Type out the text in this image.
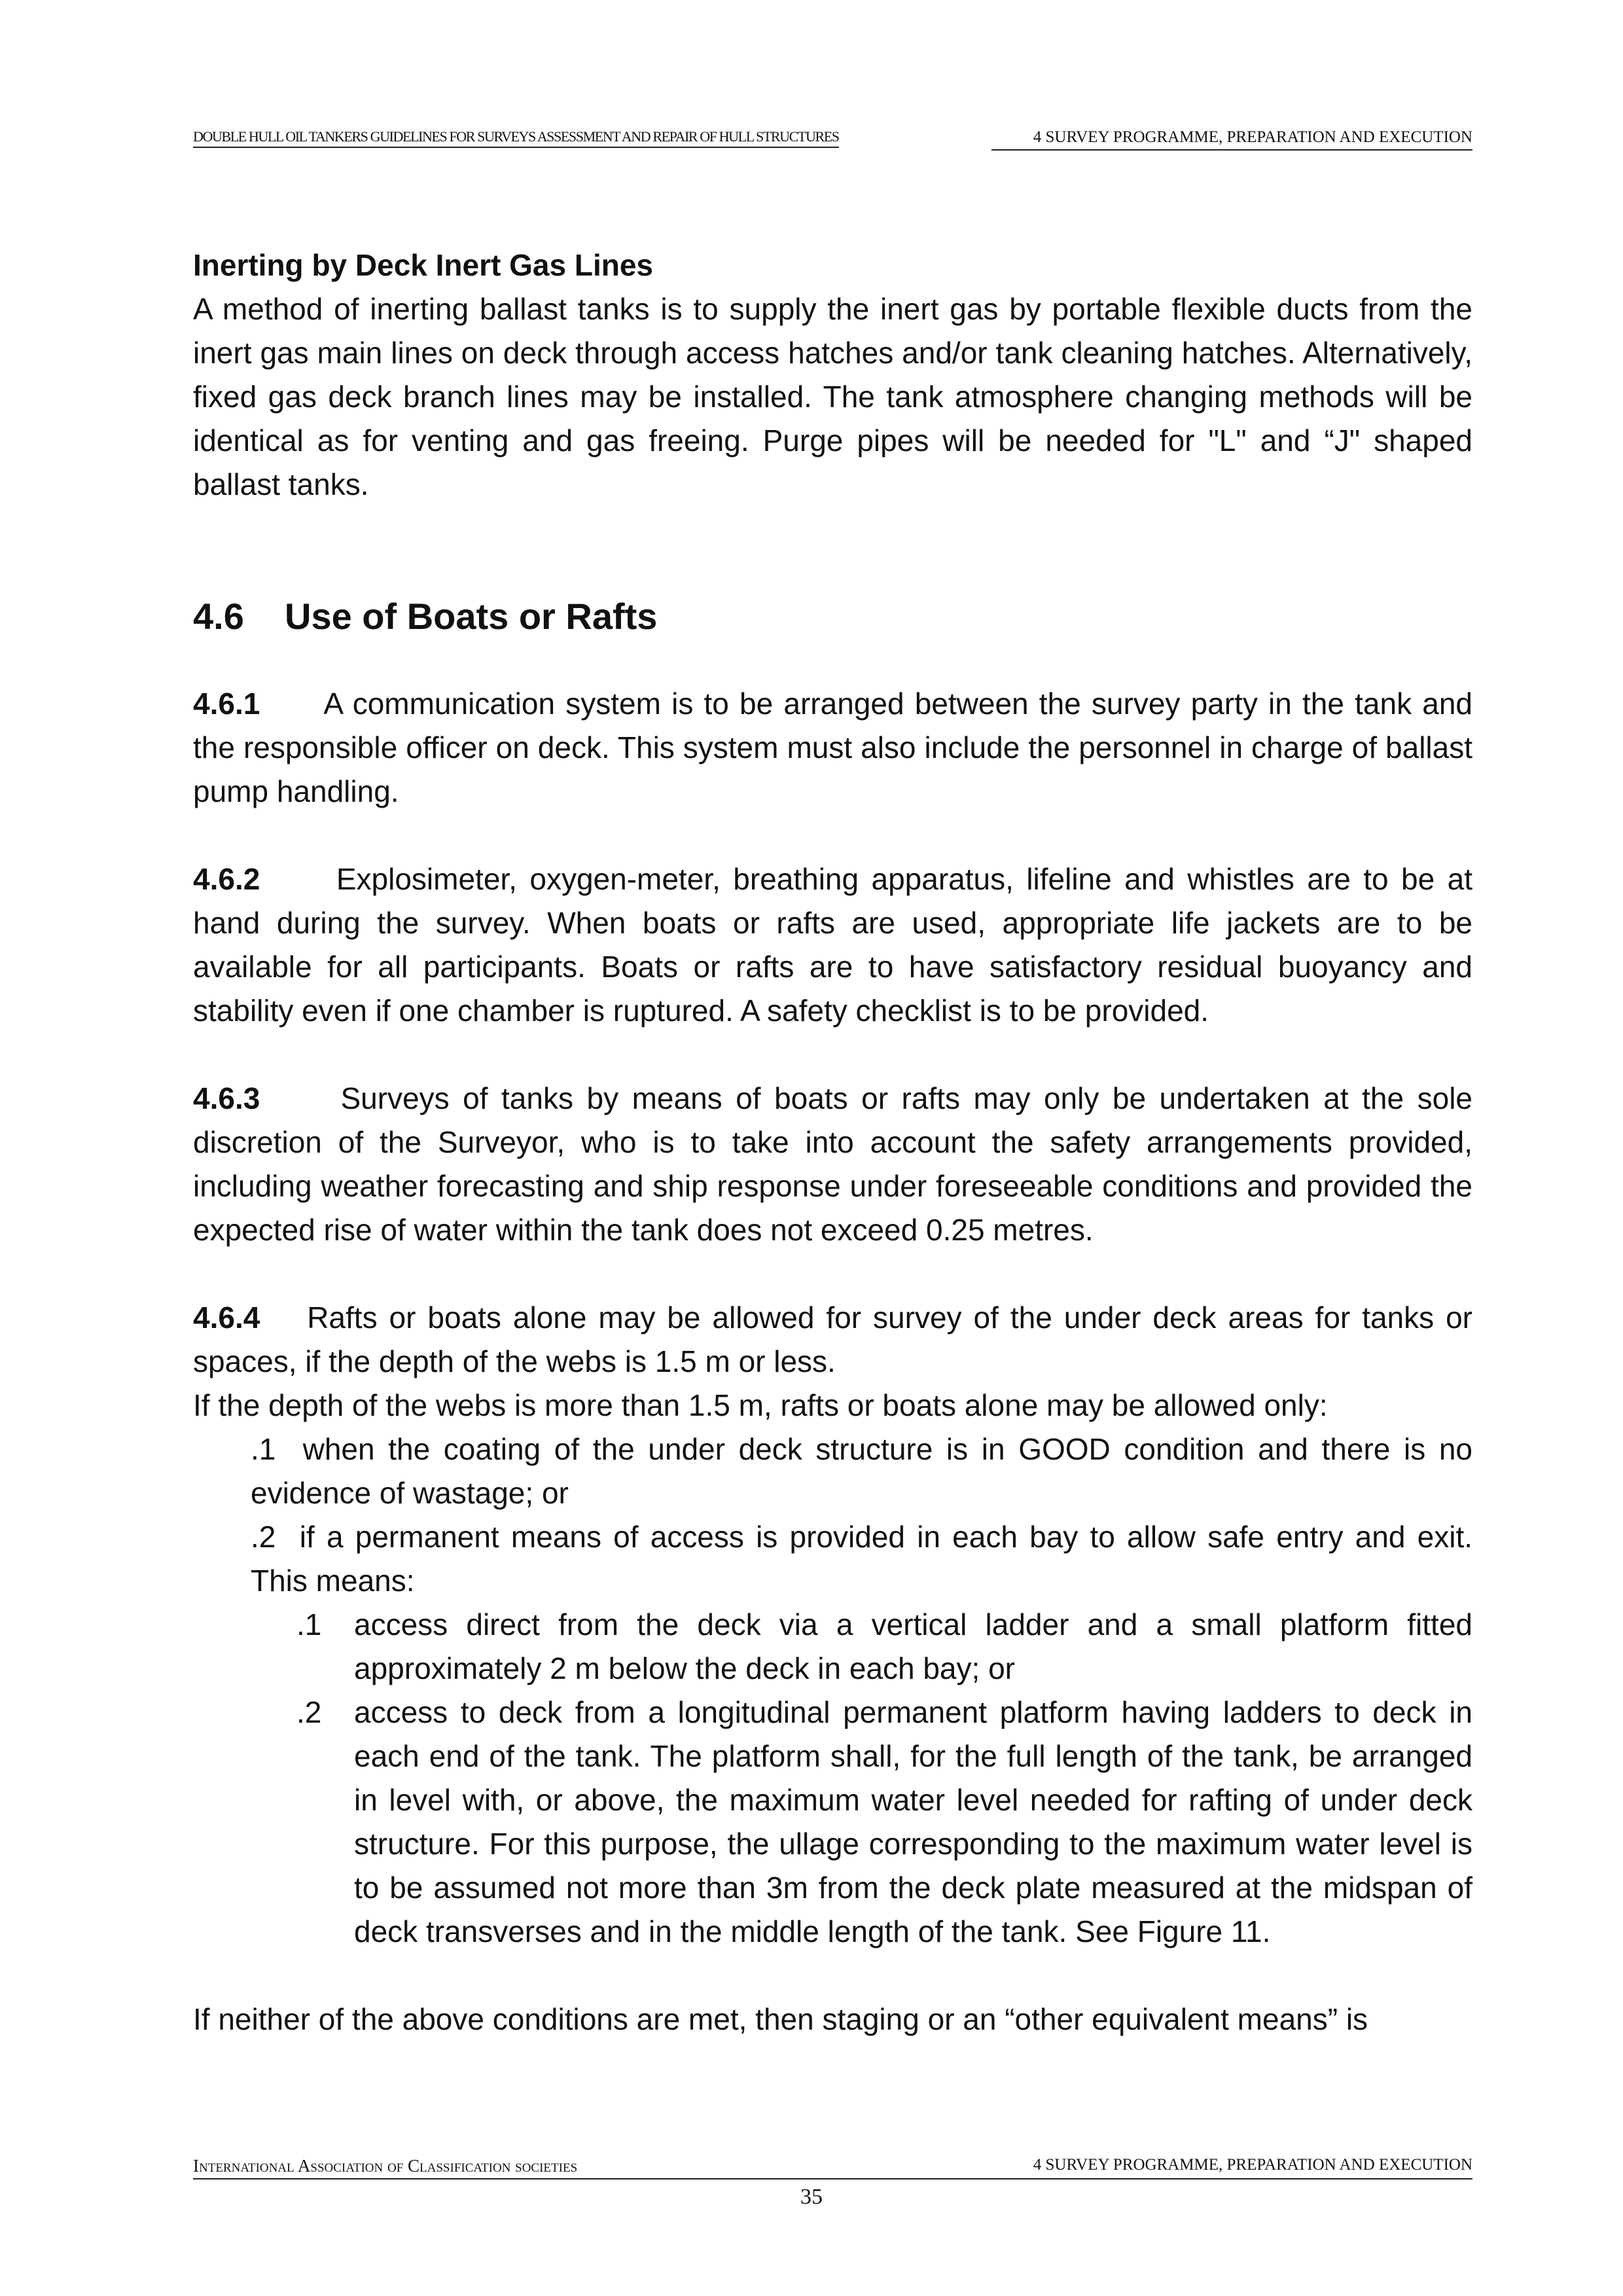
DOUBLE HULL OIL TANKERS GUIDELINES FOR SURVEYS ASSESSMENT AND REPAIR OF HULL STRUCTURES	4 SURVEY PROGRAMME, PREPARATION AND EXECUTION

Inerting by Deck Inert Gas Lines

A method of inerting ballast tanks is to supply the inert gas by portable flexible ducts from the inert gas main lines on deck through access hatches and/or tank cleaning hatches. Alternatively, fixed gas deck branch lines may be installed. The tank atmosphere changing methods will be identical as for venting and gas freeing. Purge pipes will be needed for "L" and “J" shaped ballast tanks.

4.6 Use of Boats or Rafts

4.6.1 A communication system is to be arranged between the survey party in the tank and the responsible officer on deck. This system must also include the personnel in charge of ballast pump handling.

4.6.2	Explosimeter, oxygen-meter, breathing apparatus, lifeline and whistles are to be at hand during the survey. When boats or rafts are used, appropriate life jackets are to be available for all participants. Boats or rafts are to have satisfactory residual buoyancy and stability even if one chamber is ruptured. A safety checklist is to be provided.

4.6.3	Surveys of tanks by means of boats or rafts may only be undertaken at the sole discretion of the Surveyor, who is to take into account the safety arrangements provided, including weather forecasting and ship response under foreseeable conditions and provided the expected rise of water within the tank does not exceed 0.25 metres.

4.6.4 Rafts or boats alone may be allowed for survey of the under deck areas for tanks or spaces, if the depth of the webs is 1.5 m or less.

If the depth of the webs is more than 1.5 m, rafts or boats alone may be allowed only:

.1 when the coating of the under deck structure is in GOOD condition and there is no evidence of wastage; or

.2 if a permanent means of access is provided in each bay to allow safe entry and exit. This means:

.1 access direct from the deck via a vertical ladder and a small platform fitted approximately 2 m below the deck in each bay; or

.2 access to deck from a longitudinal permanent platform having ladders to deck in each end of the tank. The platform shall, for the full length of the tank, be arranged in level with, or above, the maximum water level needed for rafting of under deck structure. For this purpose, the ullage corresponding to the maximum water level is to be assumed not more than 3m from the deck plate measured at the midspan of deck transverses and in the middle length of the tank. See Figure 11.

If neither of the above conditions are met, then staging or an “other equivalent means” is

International Association of Classification societies	4 SURVEY PROGRAMME, PREPARATION AND EXECUTION
35
